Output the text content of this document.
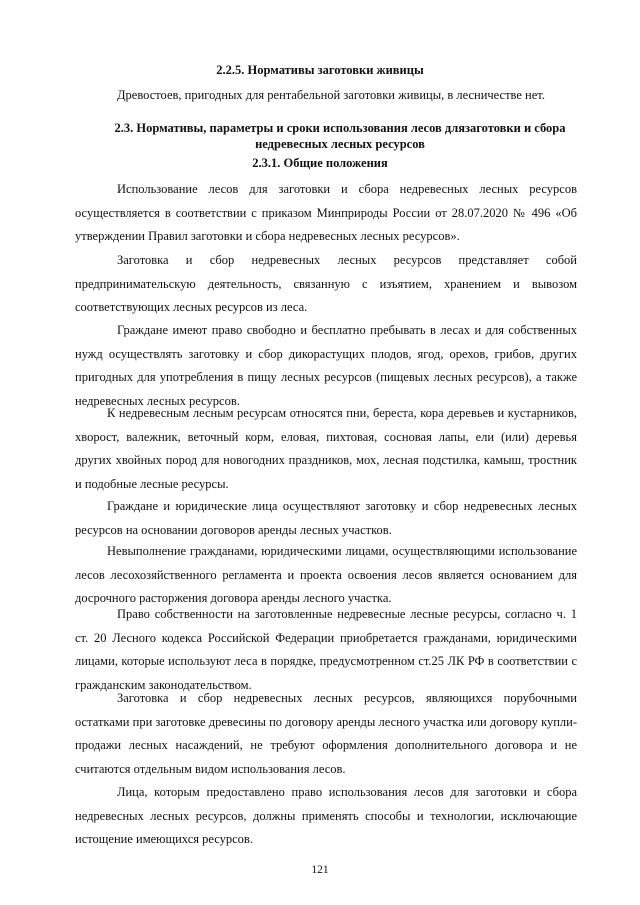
2.2.5. Нормативы заготовки живицы

Древостоев, пригодных для рентабельной заготовки живицы, в лесничестве нет.

2.3. Нормативы, параметры и сроки использования лесов длязаготовки и сбора недревесных лесных ресурсов
2.3.1. Общие положения

Использование лесов для заготовки и сбора недревесных лесных ресурсов осуществляется в соответствии с приказом Минприроды России от 28.07.2020 № 496 «Об утверждении Правил заготовки и сбора недревесных лесных ресурсов».

Заготовка и сбор недревесных лесных ресурсов представляет собой предпринимательскую деятельность, связанную с изъятием, хранением и вывозом соответствующих лесных ресурсов из леса.

Граждане имеют право свободно и бесплатно пребывать в лесах и для собственных нужд осуществлять заготовку и сбор дикорастущих плодов, ягод, орехов, грибов, других пригодных для употребления в пищу лесных ресурсов (пищевых лесных ресурсов), а также недревесных лесных ресурсов.

К недревесным лесным ресурсам относятся пни, береста, кора деревьев и кустарников, хворост, валежник, веточный корм, еловая, пихтовая, сосновая лапы, ели (или) деревья других хвойных пород для новогодних праздников, мох, лесная подстилка, камыш, тростник и подобные лесные ресурсы.

Граждане и юридические лица осуществляют заготовку и сбор недревесных лесных ресурсов на основании договоров аренды лесных участков.

Невыполнение гражданами, юридическими лицами, осуществляющими использование лесов лесохозяйственного регламента и проекта освоения лесов является основанием для досрочного расторжения договора аренды лесного участка.

Право собственности на заготовленные недревесные лесные ресурсы, согласно ч. 1 ст. 20 Лесного кодекса Российской Федерации приобретается гражданами, юридическими лицами, которые используют леса в порядке, предусмотренном ст.25 ЛК РФ в соответствии с гражданским законодательством.

Заготовка и сбор недревесных лесных ресурсов, являющихся порубочными остатками при заготовке древесины по договору аренды лесного участка или договору купли-продажи лесных насаждений, не требуют оформления дополнительного договора и не считаются отдельным видом использования лесов.

Лица, которым предоставлено право использования лесов для заготовки и сбора недревесных лесных ресурсов, должны применять способы и технологии, исключающие истощение имеющихся ресурсов.

121
